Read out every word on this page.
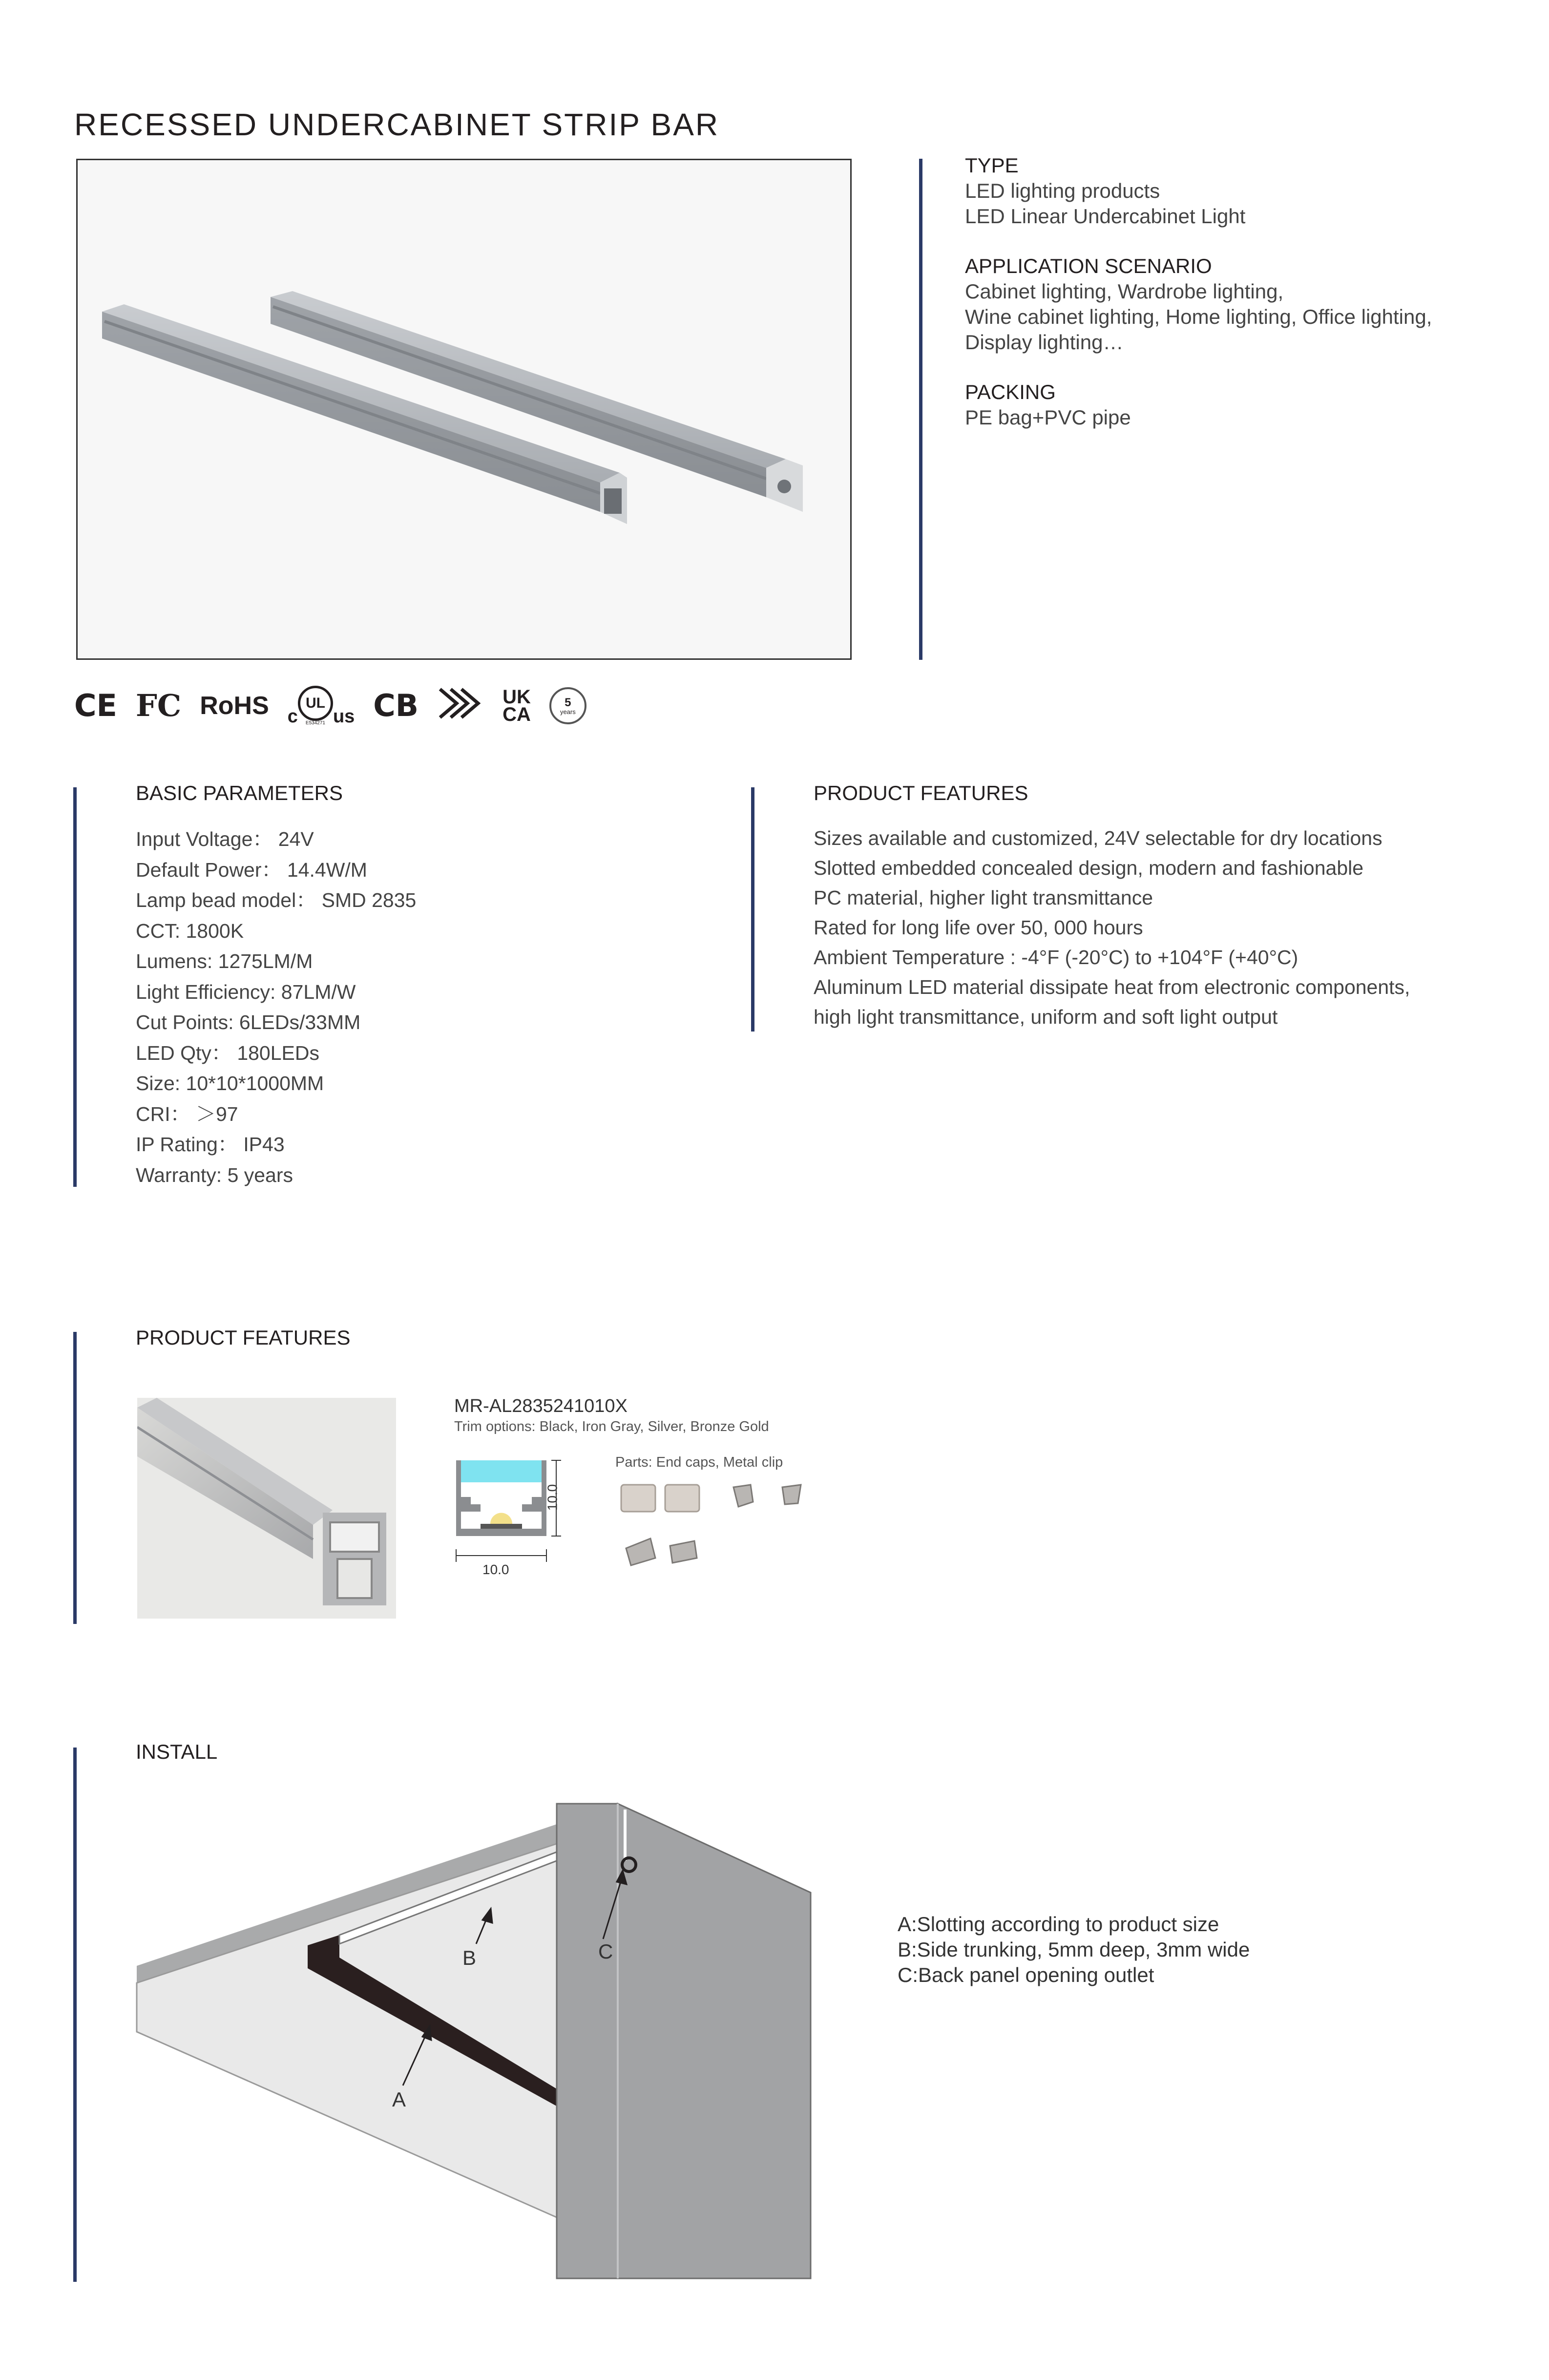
RECESSED UNDERCABINET STRIP BAR
TYPE
LED lighting products
LED Linear Undercabinet Light
APPLICATION SCENARIO
Cabinet lighting, Wardrobe lighting,
Wine cabinet lighting, Home lighting, Office lighting,
Display lighting…
PACKING
PE bag+PVC pipe
CE FC RoHS c
UL
E534271 us CB	UK
CA
5
years
BASIC PARAMETERS
Input Voltage： 24V
Default Power： 14.4W/M
Lamp bead model： SMD 2835
CCT: 1800K
Lumens: 1275LM/M
Light Efficiency: 87LM/W
Cut Points: 6LEDs/33MM
LED Qty： 180LEDs
Size: 10*10*1000MM
CRI： ＞97
IP Rating： IP43
Warranty: 5 years
PRODUCT FEATURES
Sizes available and customized, 24V selectable for dry locations
Slotted embedded concealed design, modern and fashionable
PC material, higher light transmittance
Rated for long life over 50, 000 hours
Ambient Temperature : -4°F (-20°C) to +104°F (+40°C)
Aluminum LED material dissipate heat from electronic components,
high light transmittance, uniform and soft light output
PRODUCT FEATURES
MR-AL2835241010X
Trim options: Black, Iron Gray, Silver, Bronze Gold
Parts: End caps, Metal clip
10.0
10.0
INSTALL
B	C
A
A:Slotting according to product size
B:Side trunking, 5mm deep, 3mm wide
C:Back panel opening outlet
